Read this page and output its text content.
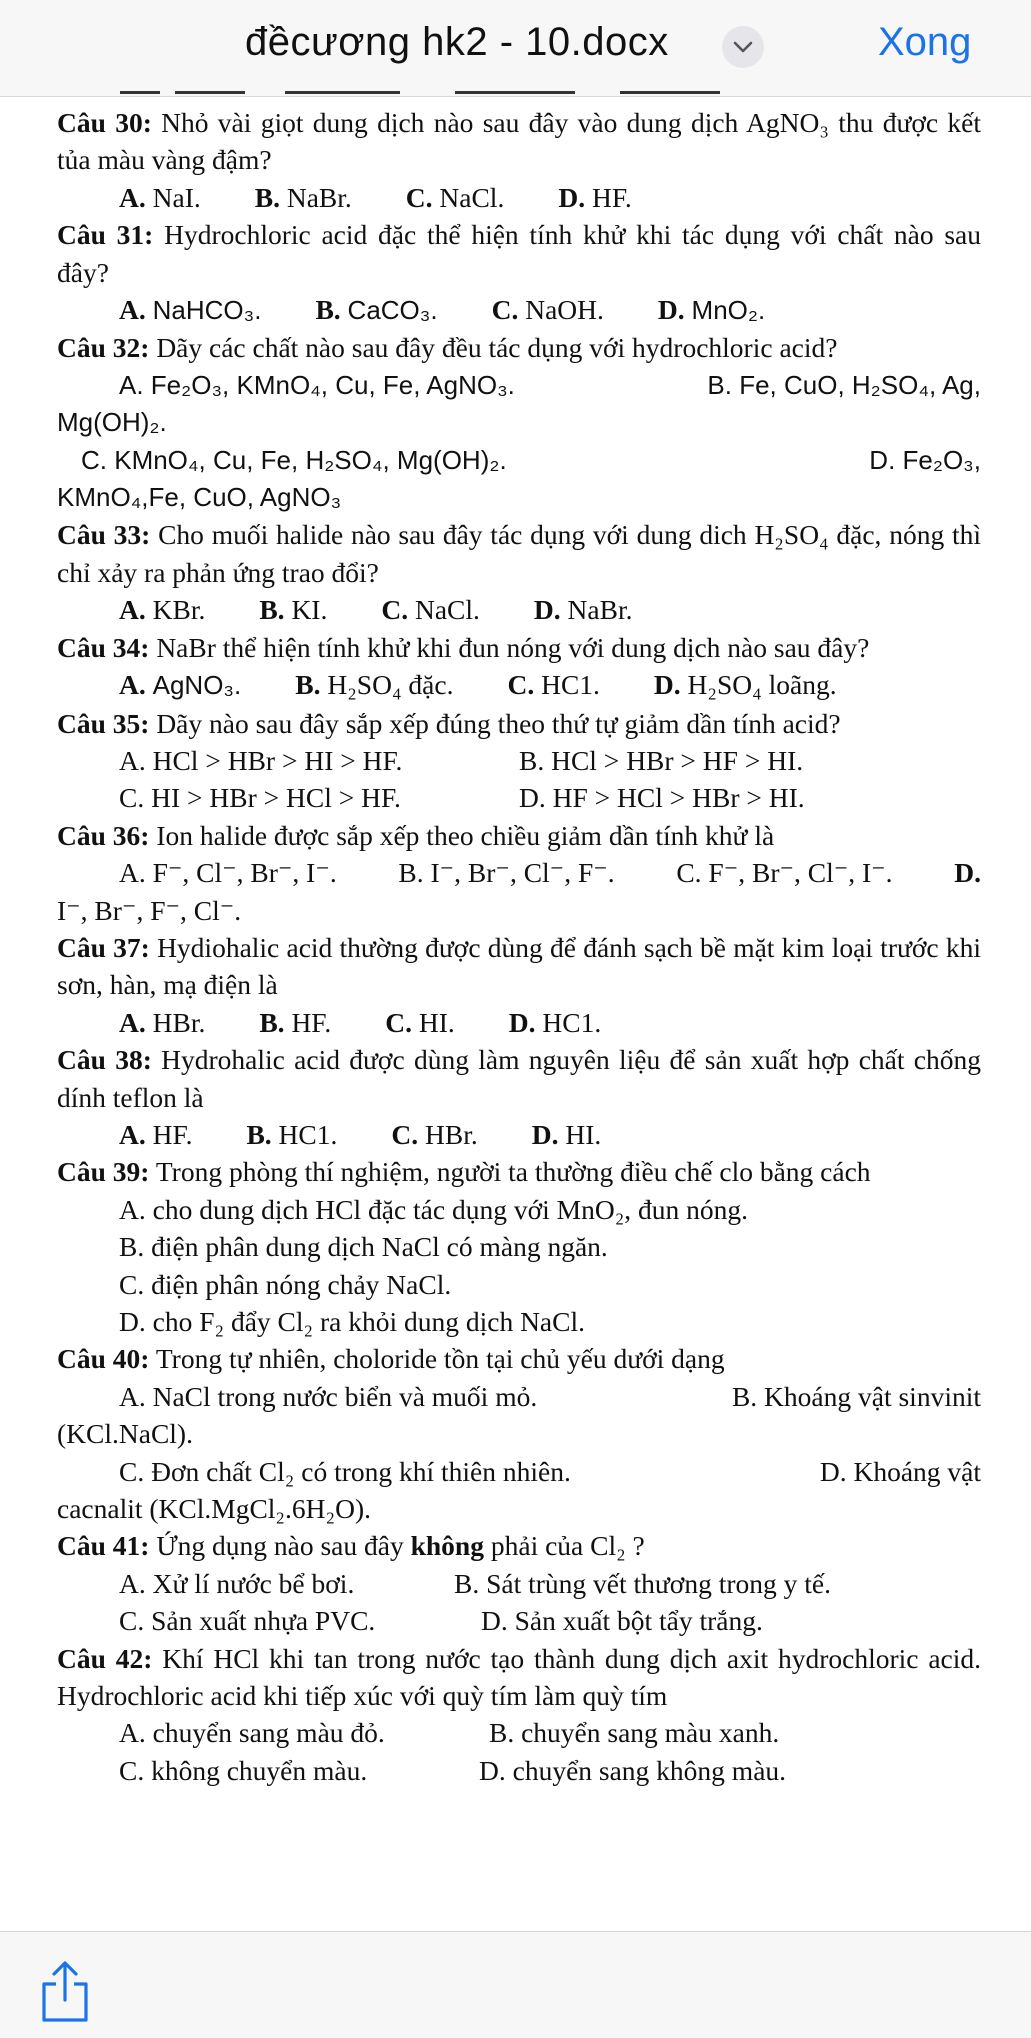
đềcương hk2 - 10.docx	Xong
Câu 30: Nhỏ vài giọt dung dịch nào sau đây vào dung dịch AgNO₃ thu được kết tủa màu vàng đậm?
A. NaI. B. NaBr. C. NaCl. D. HF.
Câu 31: Hydrochloric acid đặc thể hiện tính khử khi tác dụng với chất nào sau đây?
A. NaHCO₃. B. CaCO₃. C. NaOH. D. MnO₂.
Câu 32: Dãy các chất nào sau đây đều tác dụng với hydrochloric acid?
A. Fe₂O₃, KMnO₄, Cu, Fe, AgNO₃.	B. Fe, CuO, H₂SO₄, Ag,
Mg(OH)₂.
C. KMnO₄, Cu, Fe, H₂SO₄, Mg(OH)₂.	D. Fe₂O₃,
KMnO₄,Fe, CuO, AgNO₃
Câu 33: Cho muối halide nào sau đây tác dụng với dung dich H₂SO₄ đặc, nóng thì chỉ xảy ra phản ứng trao đổi?
A. KBr. B. KI. C. NaCl. D. NaBr.
Câu 34: NaBr thể hiện tính khử khi đun nóng với dung dịch nào sau đây?
A. AgNO₃. B. H₂SO₄ đặc. C. HC1. D. H₂SO₄ loãng.
Câu 35: Dãy nào sau đây sắp xếp đúng theo thứ tự giảm dần tính acid?
A. HCl > HBr > HI > HF.	B. HCl > HBr > HF > HI.
C. HI > HBr > HCl > HF.	D. HF > HCl > HBr > HI.
Câu 36: Ion halide được sắp xếp theo chiều giảm dần tính khử là
A. F⁻, Cl⁻, Br⁻, I⁻. B. I⁻, Br⁻, Cl⁻, F⁻. C. F⁻, Br⁻, Cl⁻, I⁻. D.
I⁻, Br⁻, F⁻, Cl⁻.
Câu 37: Hydiohalic acid thường được dùng để đánh sạch bề mặt kim loại trước khi sơn, hàn, mạ điện là
A. HBr. B. HF. C. HI. D. HC1.
Câu 38: Hydrohalic acid được dùng làm nguyên liệu để sản xuất hợp chất chống dính teflon là
A. HF. B. HC1. C. HBr. D. HI.
Câu 39: Trong phòng thí nghiệm, người ta thường điều chế clo bằng cách
A. cho dung dịch HCl đặc tác dụng với MnO₂, đun nóng.
B. điện phân dung dịch NaCl có màng ngăn.
C. điện phân nóng chảy NaCl.
D. cho F₂ đẩy Cl₂ ra khỏi dung dịch NaCl.
Câu 40: Trong tự nhiên, choloride tồn tại chủ yếu dưới dạng
A. NaCl trong nước biển và muối mỏ.	B. Khoáng vật sinvinit
(KCl.NaCl).
C. Đơn chất Cl₂ có trong khí thiên nhiên.	D. Khoáng vật
cacnalit (KCl.MgCl₂.6H₂O).
Câu 41: Ứng dụng nào sau đây không phải của Cl₂ ?
A. Xử lí nước bể bơi.	B. Sát trùng vết thương trong y tế.
C. Sản xuất nhựa PVC.	D. Sản xuất bột tẩy trắng.
Câu 42: Khí HCl khi tan trong nước tạo thành dung dịch axit hydrochloric acid. Hydrochloric acid khi tiếp xúc với quỳ tím làm quỳ tím
A. chuyển sang màu đỏ.	B. chuyển sang màu xanh.
C. không chuyển màu.	D. chuyển sang không màu.
